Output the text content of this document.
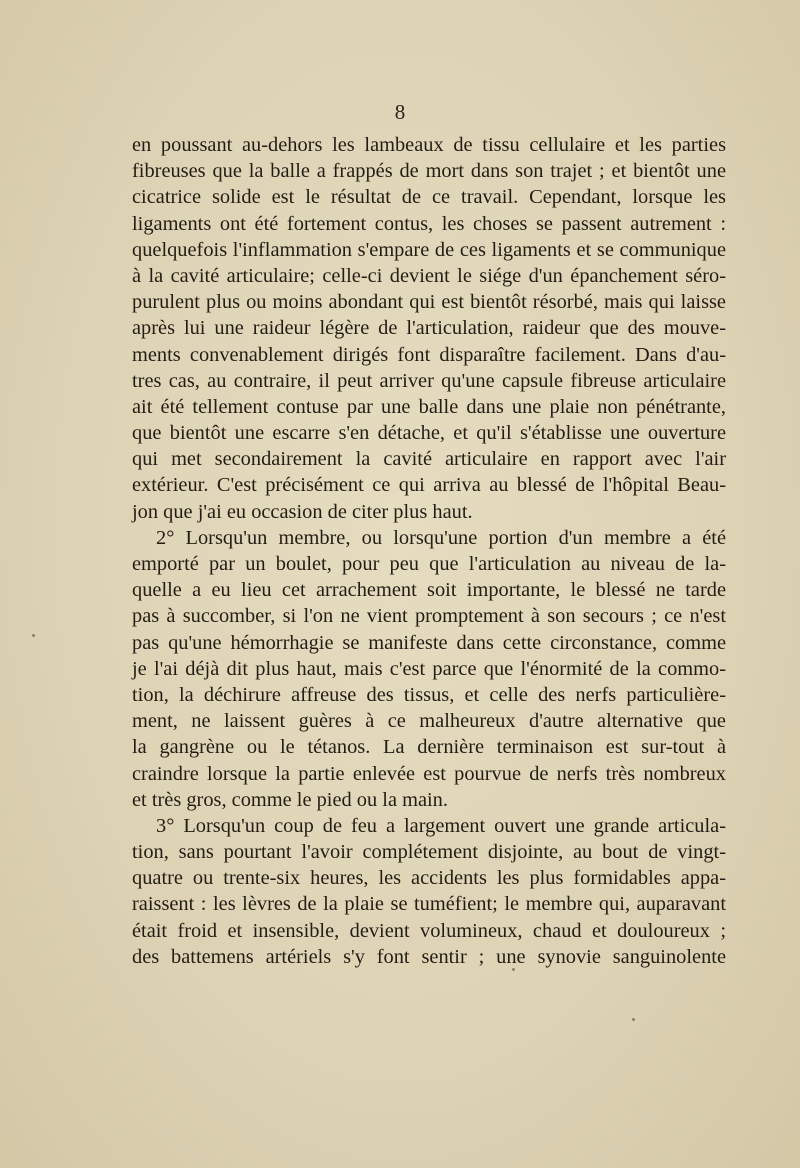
8
en poussant au-dehors les lambeaux de tissu cellulaire et les parties
fibreuses que la balle a frappés de mort dans son trajet ; et bientôt une
cicatrice solide est le résultat de ce travail. Cependant, lorsque les
ligaments ont été fortement contus, les choses se passent autrement :
quelquefois l'inflammation s'empare de ces ligaments et se communique
à la cavité articulaire; celle-ci devient le siége d'un épanchement séro-
purulent plus ou moins abondant qui est bientôt résorbé, mais qui laisse
après lui une raideur légère de l'articulation, raideur que des mouve-
ments convenablement dirigés font disparaître facilement. Dans d'au-
tres cas, au contraire, il peut arriver qu'une capsule fibreuse articulaire
ait été tellement contuse par une balle dans une plaie non pénétrante,
que bientôt une escarre s'en détache, et qu'il s'établisse une ouverture
qui met secondairement la cavité articulaire en rapport avec l'air
extérieur. C'est précisément ce qui arriva au blessé de l'hôpital Beau-
jon que j'ai eu occasion de citer plus haut.
2° Lorsqu'un membre, ou lorsqu'une portion d'un membre a été
emporté par un boulet, pour peu que l'articulation au niveau de la-
quelle a eu lieu cet arrachement soit importante, le blessé ne tarde
pas à succomber, si l'on ne vient promptement à son secours ; ce n'est
pas qu'une hémorrhagie se manifeste dans cette circonstance, comme
je l'ai déjà dit plus haut, mais c'est parce que l'énormité de la commo-
tion, la déchirure affreuse des tissus, et celle des nerfs particulière-
ment, ne laissent guères à ce malheureux d'autre alternative que
la gangrène ou le tétanos. La dernière terminaison est sur-tout à
craindre lorsque la partie enlevée est pourvue de nerfs très nombreux
et très gros, comme le pied ou la main.
3° Lorsqu'un coup de feu a largement ouvert une grande articula-
tion, sans pourtant l'avoir complétement disjointe, au bout de vingt-
quatre ou trente-six heures, les accidents les plus formidables appa-
raissent : les lèvres de la plaie se tuméfient; le membre qui, auparavant
était froid et insensible, devient volumineux, chaud et douloureux ;
des battemens artériels s'y font sentir ; une synovie sanguinolente
